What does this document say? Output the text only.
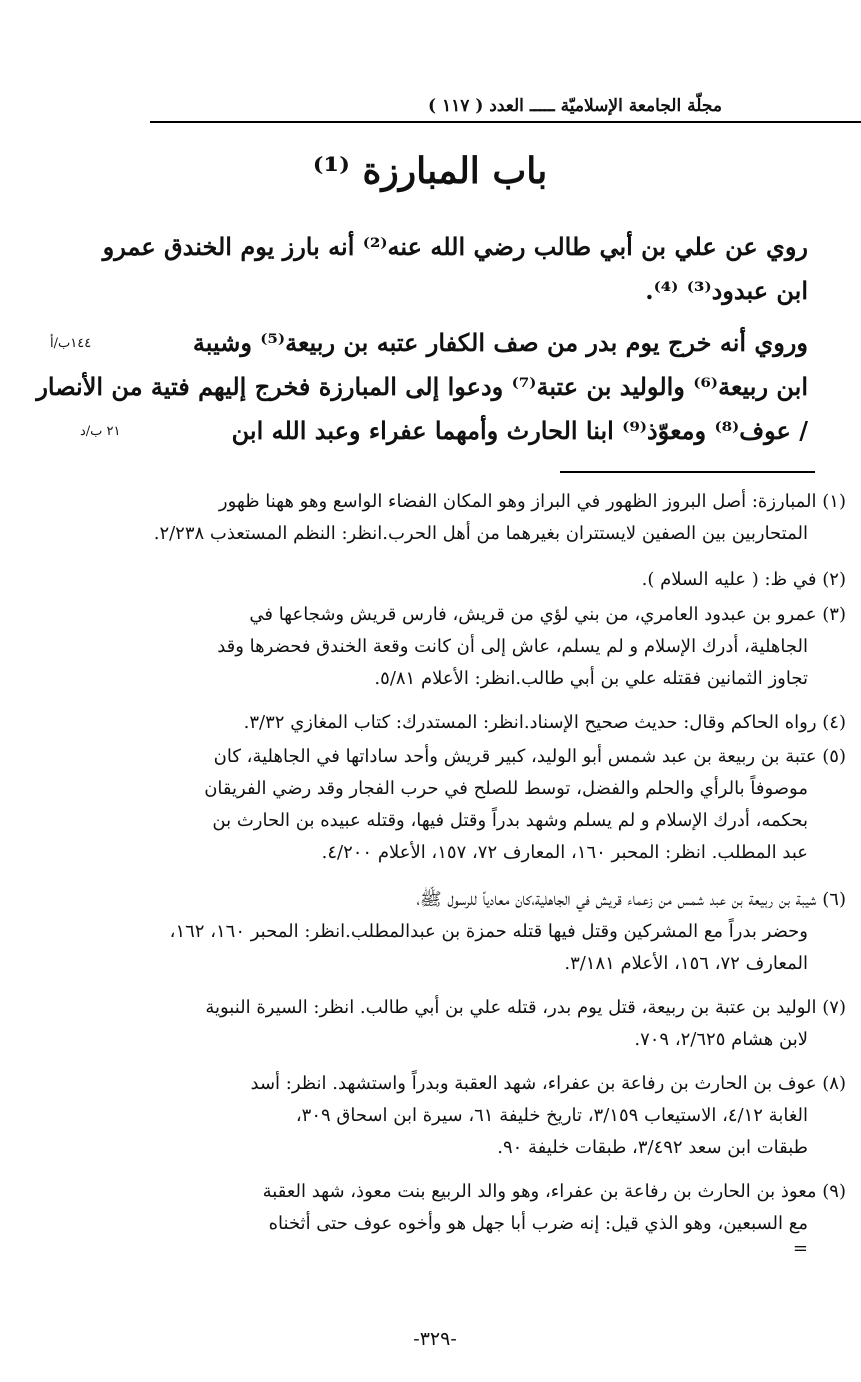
مجلّة الجامعة الإسلاميّة ـــــ العدد ( ١١٧ )
باب المبارزة ⁽¹⁾
روي عن علي بن أبي طالب رضي الله عنه⁽²⁾ أنه بارز يوم الخندق عمرو
ابن عبدود⁽³⁾ ⁽⁴⁾.
وروي أنه خرج يوم بدر من صف الكفار عتبه بن ربيعة⁽⁵⁾ وشيبة
ابن ربيعة⁽⁶⁾ والوليد بن عتبة⁽⁷⁾ ودعوا إلى المبارزة فخرج إليهم فتية من الأنصار
/ عوف⁽⁸⁾ ومعوّذ⁽⁹⁾ ابنا الحارث وأمهما عفراء وعبد الله ابن
١٤٤ب/أ
٢١ ب/د
(١) المبارزة: أصل البروز الظهور في البراز وهو المكان الفضاء الواسع وهو ههنا ظهور
المتحاربين بين الصفين لايستتران بغيرهما من أهل الحرب.انظر: النظم المستعذب ٢/٢٣٨.
(٢) في ظ: ( عليه السلام ).
(٣) عمرو بن عبدود العامري، من بني لؤي من قريش، فارس قريش وشجاعها في
الجاهلية، أدرك الإسلام و لم يسلم، عاش إلى أن كانت وقعة الخندق فحضرها وقد
تجاوز الثمانين فقتله علي بن أبي طالب.انظر: الأعلام ٥/٨١.
(٤) رواه الحاكم وقال: حديث صحيح الإسناد.انظر: المستدرك: كتاب المغازي ٣/٣٢.
(٥) عتبة بن ربيعة بن عبد شمس أبو الوليد، كبير قريش وأحد ساداتها في الجاهلية، كان
موصوفاً بالرأي والحلم والفضل، توسط للصلح في حرب الفجار وقد رضي الفريقان
بحكمه، أدرك الإسلام و لم يسلم وشهد بدراً وقتل فيها، وقتله عبيده بن الحارث بن
عبد المطلب. انظر: المحبر ١٦٠، المعارف ٧٢، ١٥٧، الأعلام ٤/٢٠٠.
(٦) شيبة بن ربيعة بن عبد شمس من زعماء قريش في الجاهلية،كان معادياً للرسول ﷺ،
وحضر بدراً مع المشركين وقتل فيها قتله حمزة بن عبدالمطلب.انظر: المحبر ١٦٠، ١٦٢،
المعارف ٧٢، ١٥٦، الأعلام ٣/١٨١.
(٧) الوليد بن عتبة بن ربيعة، قتل يوم بدر، قتله علي بن أبي طالب. انظر: السيرة النبوية
لابن هشام ٢/٦٢٥، ٧٠٩.
(٨) عوف بن الحارث بن رفاعة بن عفراء، شهد العقبة وبدراً واستشهد. انظر: أسد
الغابة ٤/١٢، الاستيعاب ٣/١٥٩، تاريخ خليفة ٦١، سيرة ابن اسحاق ٣٠٩،
طبقات ابن سعد ٣/٤٩٢، طبقات خليفة ٩٠.
(٩) معوذ بن الحارث بن رفاعة بن عفراء، وهو والد الربيع بنت معوذ، شهد العقبة
مع السبعين، وهو الذي قيل: إنه ضرب أبا جهل هو وأخوه عوف حتى أثخناه
=
-٣٢٩-
